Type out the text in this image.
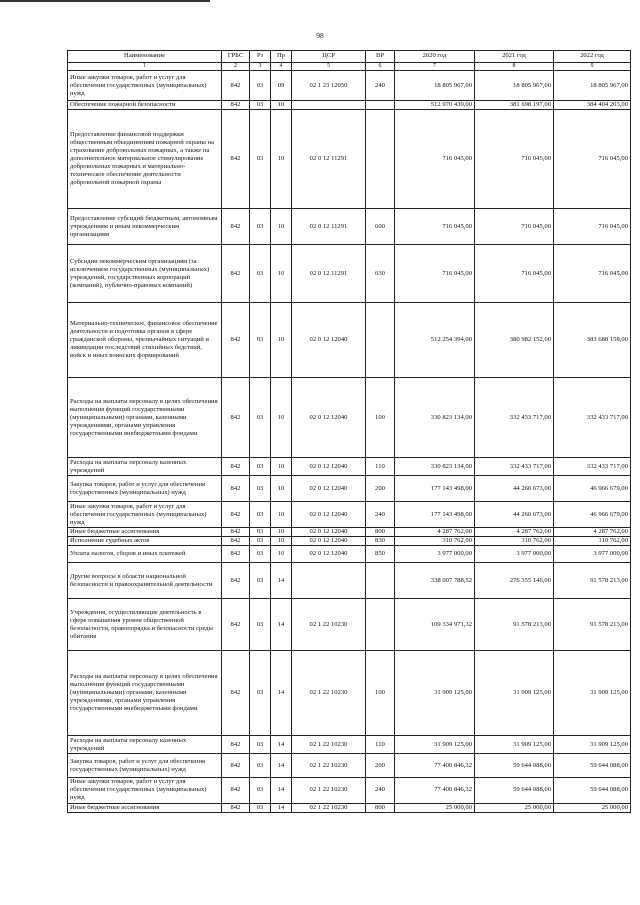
98
Наименование	ГРБС	Рз	Пр	ЦСР	ВР	2020 год	2021 год	2022 год
1	2	3	4	5	6	7	8	9
Иные закупки товаров, работ и услуг для обеспечения государственных (муниципальных) нужд	842	03	09	02 1 23 12050	240	18 805 967,00	18 805 967,00	18 805 967,00
Обеспечение пожарной безопасности	842	03	10			512 970 439,00	381 698 197,00	384 404 203,00
Предоставление финансовой поддержки общественным объединениям пожарной охраны на страхование добровольных пожарных, а также на дополнительное материальное стимулирование добровольных пожарных и материально-техническое обеспечение деятельности добровольной пожарной охраны	842	03	10	02 0 12 11291		716 045,00	716 045,00	716 045,00
Предоставление субсидий бюджетным, автономным учреждениям и иным некоммерческим организациям	842	03	10	02 0 12 11291	600	716 045,00	716 045,00	716 045,00
Субсидии некоммерческим организациям (за исключением государственных (муниципальных) учреждений, государственных корпораций (компаний), публично-правовых компаний)	842	03	10	02 0 12 11291	630	716 045,00	716 045,00	716 045,00
Материально-техническое, финансовое обеспечение деятельности и подготовка органов в сфере гражданской обороны, чрезвычайных ситуаций и ликвидации последствий стихийных бедствий, войск и иных воинских формирований	842	03	10	02 0 12 12040		512 254 394,00	380 982 152,00	383 688 158,00
Расходы на выплаты персоналу в целях обеспечения выполнения функций государственными (муниципальными) органами, казенными учреждениями, органами управления государственными внебюджетными фондами	842	03	10	02 0 12 12040	100	330 823 134,00	332 433 717,00	332 433 717,00
Расходы на выплаты персоналу казенных учреждений	842	03	10	02 0 12 12040	110	330 823 134,00	332 433 717,00	332 433 717,00
Закупка товаров, работ и услуг для обеспечения государственных (муниципальных) нужд	842	03	10	02 0 12 12040	200	177 143 498,00	44 260 673,00	46 966 679,00
Иные закупки товаров, работ и услуг для обеспечения государственных (муниципальных) нужд	842	03	10	02 0 12 12040	240	177 143 498,00	44 260 673,00	46 966 679,00
Иные бюджетные ассигнования	842	03	10	02 0 12 12040	800	4 287 762,00	4 287 762,00	4 287 762,00
Исполнение судебных актов	842	03	10	02 0 12 12040	830	310 762,00	310 762,00	310 762,00
Уплата налогов, сборов и иных платежей	842	03	10	02 0 12 12040	850	3 977 000,00	3 977 000,00	3 977 000,00
Другие вопросы в области национальной безопасности и правоохранительной деятельности	842	03	14			338 007 788,52	276 355 146,00	91 578 213,00
Учреждения, осуществляющие деятельность в сфере повышения уровня общественной безопасности, правопорядка и безопасности среды обитания	842	03	14	02 1 22 10230		109 334 971,32	91 578 213,00	91 578 213,00
Расходы на выплаты персоналу в целях обеспечения выполнения функций государственными (муниципальными) органами, казенными учреждениями, органами управления государственными внебюджетными фондами	842	03	14	02 1 22 10230	100	31 909 125,00	31 909 125,00	31 909 125,00
Расходы на выплаты персоналу казенных учреждений	842	03	14	02 1 22 10230	110	31 909 125,00	31 909 125,00	31 909 125,00
Закупка товаров, работ и услуг для обеспечения государственных (муниципальных) нужд	842	03	14	02 1 22 10230	200	77 400 846,32	59 644 088,00	59 644 088,00
Иные закупки товаров, работ и услуг для обеспечения государственных (муниципальных) нужд	842	03	14	02 1 22 10230	240	77 400 846,32	59 644 088,00	59 644 088,00
Иные бюджетные ассигнования	842	03	14	02 1 22 10230	800	25 000,00	25 000,00	25 000,00
